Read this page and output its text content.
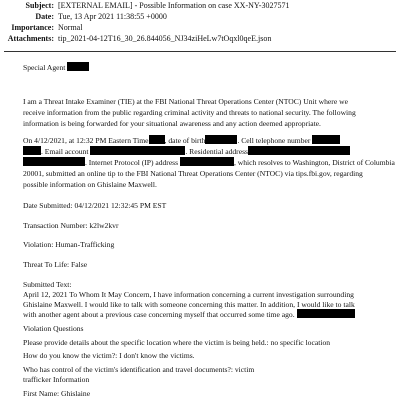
Subject: [EXTERNAL EMAIL] - Possible Information on case XX-NY-3027571
Date: Tue, 13 Apr 2021 11:38:55 +0000
Importance: Normal
Attachments: tip_2021-04-12T16_30_26.844056_NJ34ziHeLw7tOqxl0qeE.json
Special Agent
I am a Threat Intake Examiner (TIE) at the FBI National Threat Operations Center (NTOC) Unit where we
receive information from the public regarding criminal activity and threats to national security. The following
information is being forwarded for your situational awareness and any action deemed appropriate.
On 4/12/2021, at 12:32 PM Eastern Time , date of birth	. Cell telephone number
. Email account	. Residential address
. Internet Protocol (IP) address	, which resolves to Washington, District of Columbia
20001, submitted an online tip to the FBI National Threat Operations Center (NTOC) via tips.fbi.gov, regarding
possible information on Ghislaine Maxwell.
Date Submitted: 04/12/2021 12:32:45 PM EST
Transaction Number: k2lw2kvr
Violation: Human-Trafficking
Threat To Life: False
Submitted Text:
April 12, 2021 To Whom It May Concern, I have information concerning a current investigation surrounding
Ghislaine Maxwell. I would like to talk with someone concerning this matter. In addition, I would like to talk
with another agent about a previous case concerning myself that occurred some time ago.
Violation Questions
Please provide details about the specific location where the victim is being held.: no specific location
How do you know the victim?: I don't know the victims.
Who has control of the victim's identification and travel documents?: victim
trafficker Information
First Name: Ghislaine
